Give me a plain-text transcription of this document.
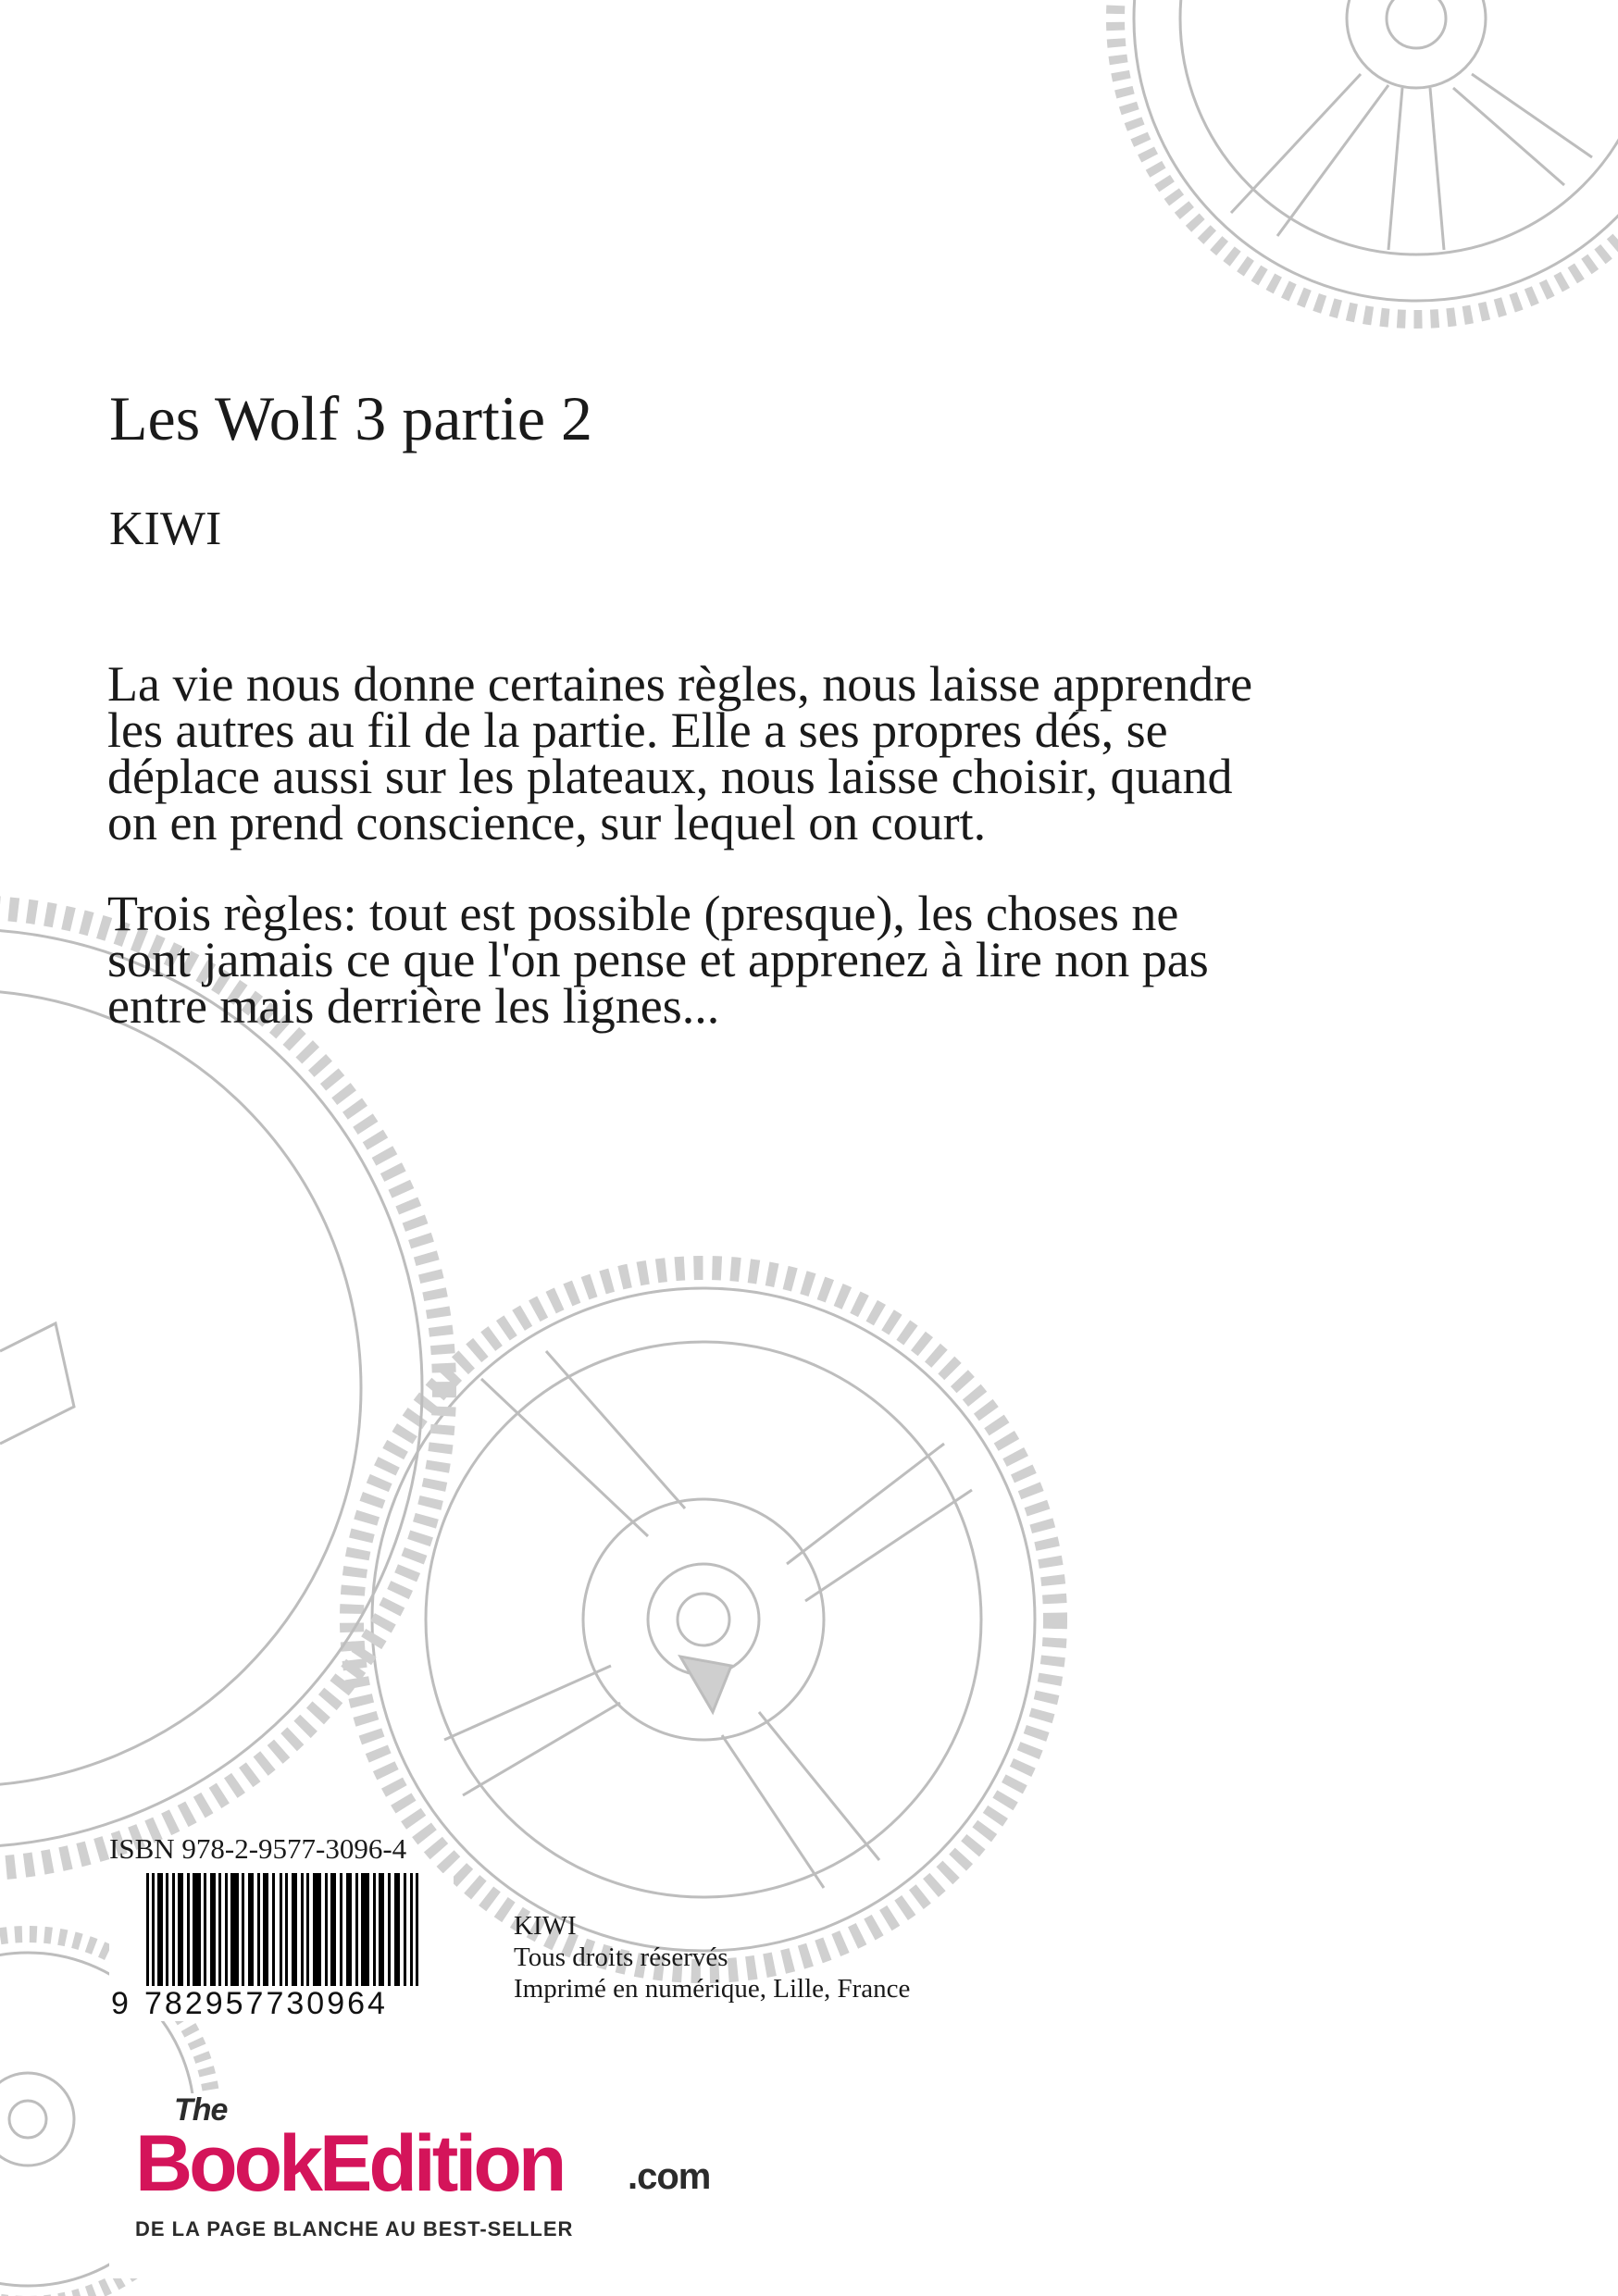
Les Wolf 3 partie 2
KIWI

La vie nous donne certaines règles, nous laisse apprendre les autres au fil de la partie. Elle a ses propres dés, se déplace aussi sur les plateaux, nous laisse choisir, quand on en prend conscience, sur lequel on court.

Trois règles: tout est possible (presque), les choses ne sont jamais ce que l'on pense et apprenez à lire non pas entre mais derrière les lignes...

ISBN 978-2-9577-3096-4
9 782957730964
KIWI
Tous droits réservés
Imprimé en numérique, Lille, France
The
BookEdition .com
DE LA PAGE BLANCHE AU BEST-SELLER
